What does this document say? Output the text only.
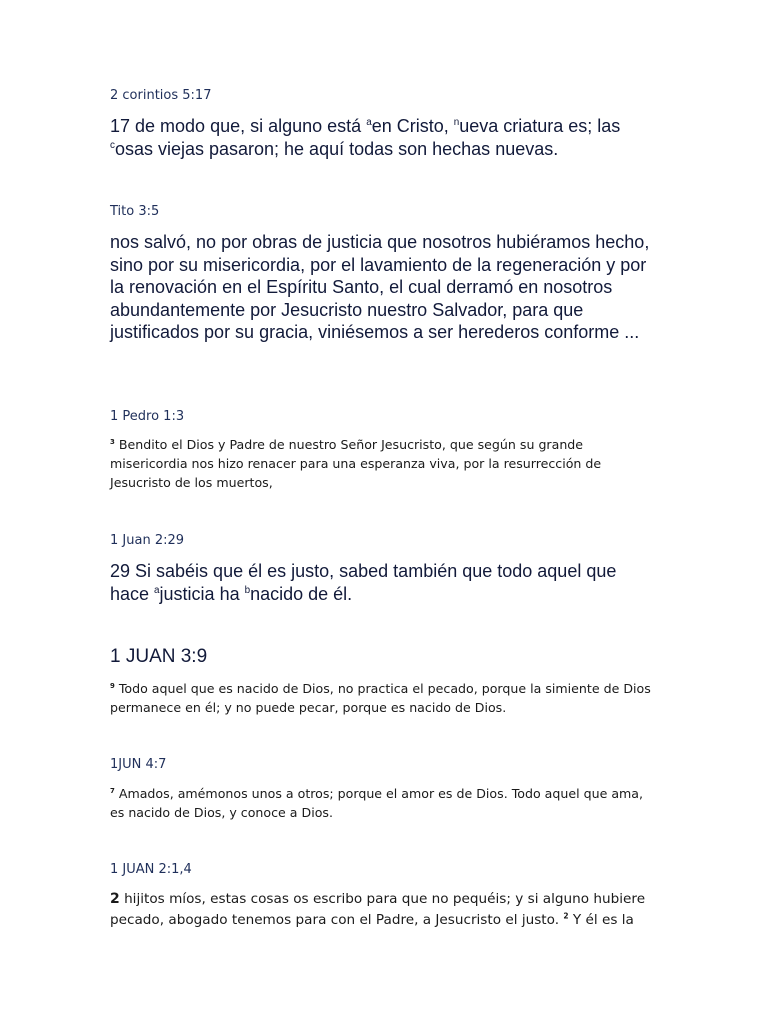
2 corintios 5:17

17 de modo que, si alguno está $^a$en Cristo, $^n$ueva criatura es; las $^c$osas viejas pasaron; he aquí todas son hechas nuevas.

Tito 3:5

nos salvó, no por obras de justicia que nosotros hubiéramos hecho, sino por su misericordia, por el lavamiento de la regeneración y por la renovación en el Espíritu Santo, el cual derramó en nosotros abundantemente por Jesucristo nuestro Salvador, para que justificados por su gracia, viniésemos a ser herederos conforme ...

1 Pedro 1:3

$^3$ Bendito el Dios y Padre de nuestro Señor Jesucristo, que según su grande misericordia nos hizo renacer para una esperanza viva, por la resurrección de Jesucristo de los muertos,

1 Juan 2:29

29 Si sabéis que él es justo, sabed también que todo aquel que hace $^a$justicia ha $^b$nacido de él.

1 JUAN 3:9

$^9$ Todo aquel que es nacido de Dios, no practica el pecado, porque la simiente de Dios permanece en él; y no puede pecar, porque es nacido de Dios.

1JUN 4:7

$^7$ Amados, amémonos unos a otros; porque el amor es de Dios. Todo aquel que ama, es nacido de Dios, y conoce a Dios.

1 JUAN 2:1,4

2 hijitos míos, estas cosas os escribo para que no pequéis; y si alguno hubiere pecado, abogado tenemos para con el Padre, a Jesucristo el justo. $^2$ Y él es la
